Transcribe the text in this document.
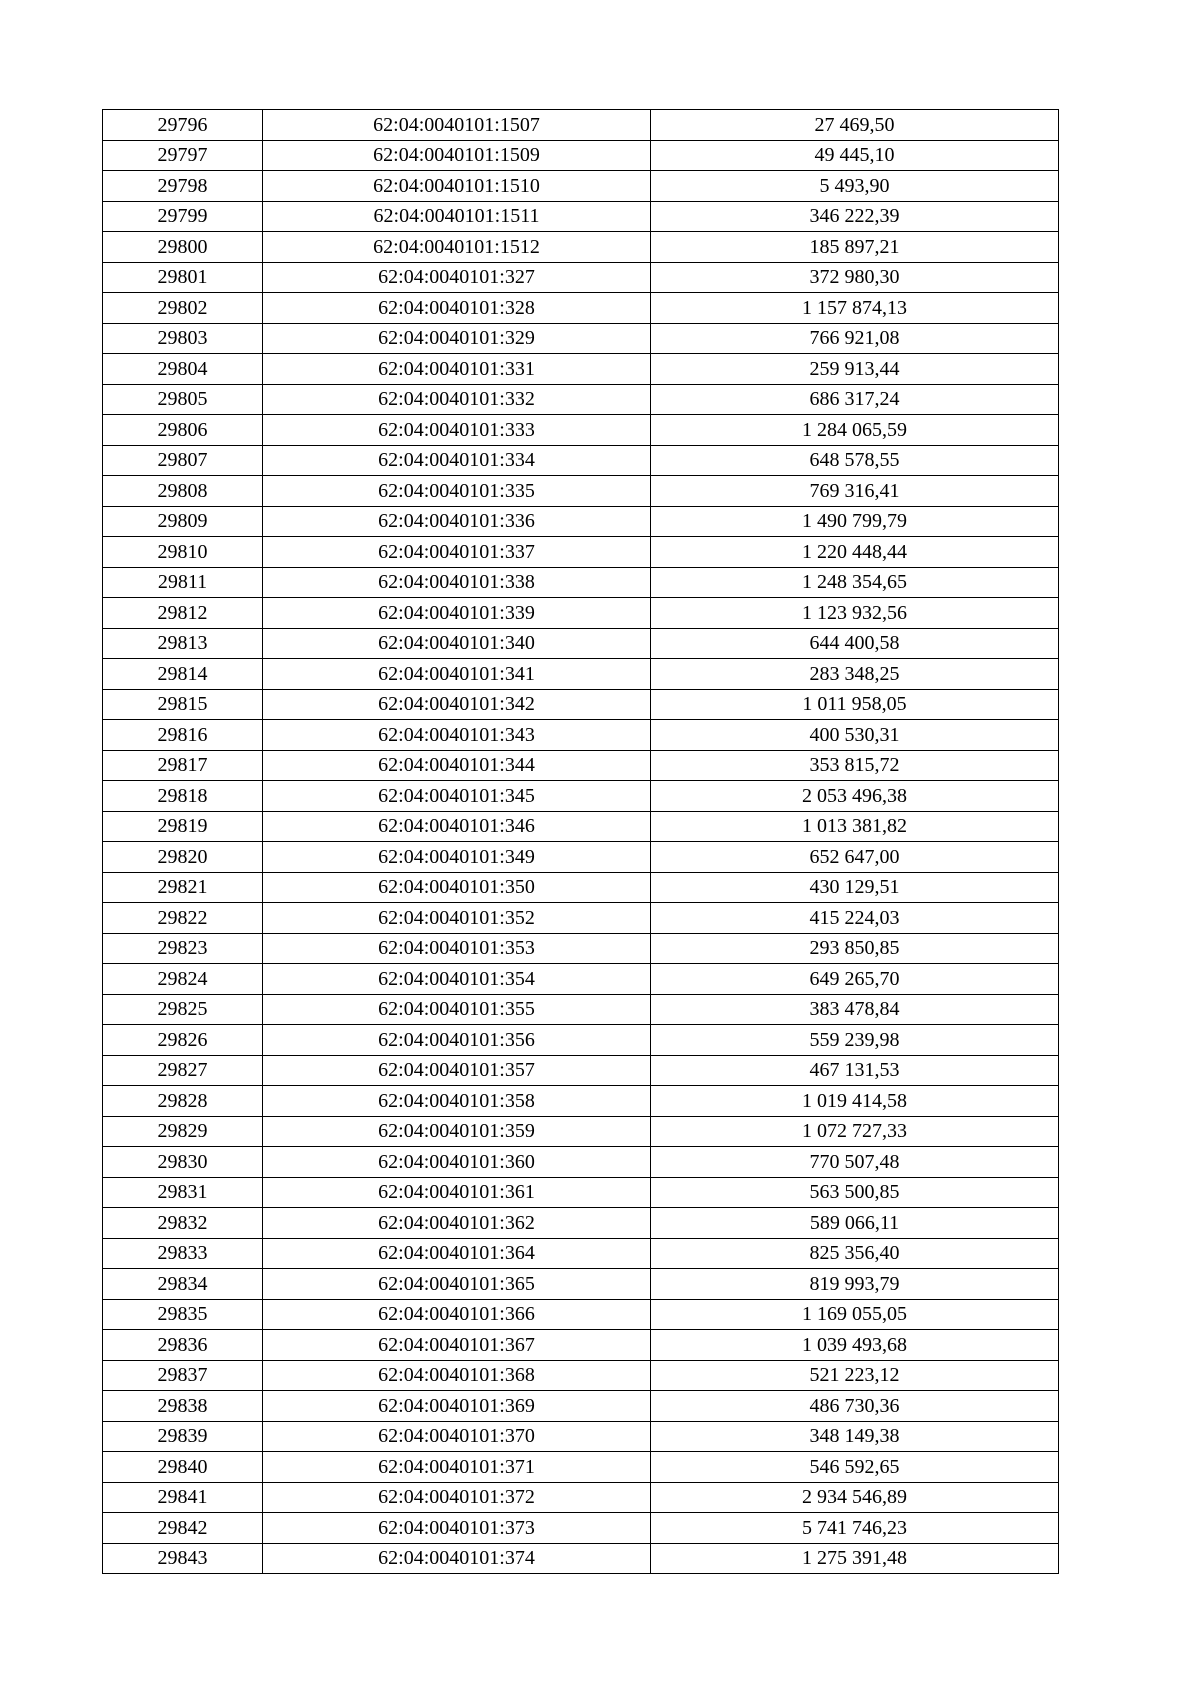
29796	62:04:0040101:1507	27 469,50
29797	62:04:0040101:1509	49 445,10
29798	62:04:0040101:1510	5 493,90
29799	62:04:0040101:1511	346 222,39
29800	62:04:0040101:1512	185 897,21
29801	62:04:0040101:327	372 980,30
29802	62:04:0040101:328	1 157 874,13
29803	62:04:0040101:329	766 921,08
29804	62:04:0040101:331	259 913,44
29805	62:04:0040101:332	686 317,24
29806	62:04:0040101:333	1 284 065,59
29807	62:04:0040101:334	648 578,55
29808	62:04:0040101:335	769 316,41
29809	62:04:0040101:336	1 490 799,79
29810	62:04:0040101:337	1 220 448,44
29811	62:04:0040101:338	1 248 354,65
29812	62:04:0040101:339	1 123 932,56
29813	62:04:0040101:340	644 400,58
29814	62:04:0040101:341	283 348,25
29815	62:04:0040101:342	1 011 958,05
29816	62:04:0040101:343	400 530,31
29817	62:04:0040101:344	353 815,72
29818	62:04:0040101:345	2 053 496,38
29819	62:04:0040101:346	1 013 381,82
29820	62:04:0040101:349	652 647,00
29821	62:04:0040101:350	430 129,51
29822	62:04:0040101:352	415 224,03
29823	62:04:0040101:353	293 850,85
29824	62:04:0040101:354	649 265,70
29825	62:04:0040101:355	383 478,84
29826	62:04:0040101:356	559 239,98
29827	62:04:0040101:357	467 131,53
29828	62:04:0040101:358	1 019 414,58
29829	62:04:0040101:359	1 072 727,33
29830	62:04:0040101:360	770 507,48
29831	62:04:0040101:361	563 500,85
29832	62:04:0040101:362	589 066,11
29833	62:04:0040101:364	825 356,40
29834	62:04:0040101:365	819 993,79
29835	62:04:0040101:366	1 169 055,05
29836	62:04:0040101:367	1 039 493,68
29837	62:04:0040101:368	521 223,12
29838	62:04:0040101:369	486 730,36
29839	62:04:0040101:370	348 149,38
29840	62:04:0040101:371	546 592,65
29841	62:04:0040101:372	2 934 546,89
29842	62:04:0040101:373	5 741 746,23
29843	62:04:0040101:374	1 275 391,48
